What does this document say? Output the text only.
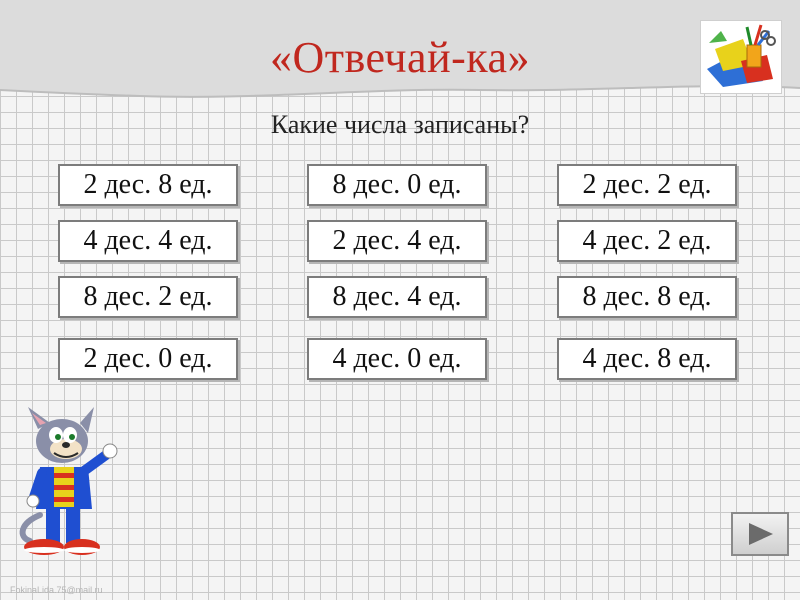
«Отвечай-ка»
Какие числа записаны?
2 дес. 8 ед.	8 дес. 0 ед.	2 дес. 2 ед.
4 дес. 4 ед.	2 дес. 4 ед.	4 дес. 2 ед.
8 дес. 2 ед.	8 дес. 4 ед.	8 дес. 8 ед.
2 дес. 0 ед.	4 дес. 0 ед.	4 дес. 8 ед.
FokinaLida.75@mail.ru
